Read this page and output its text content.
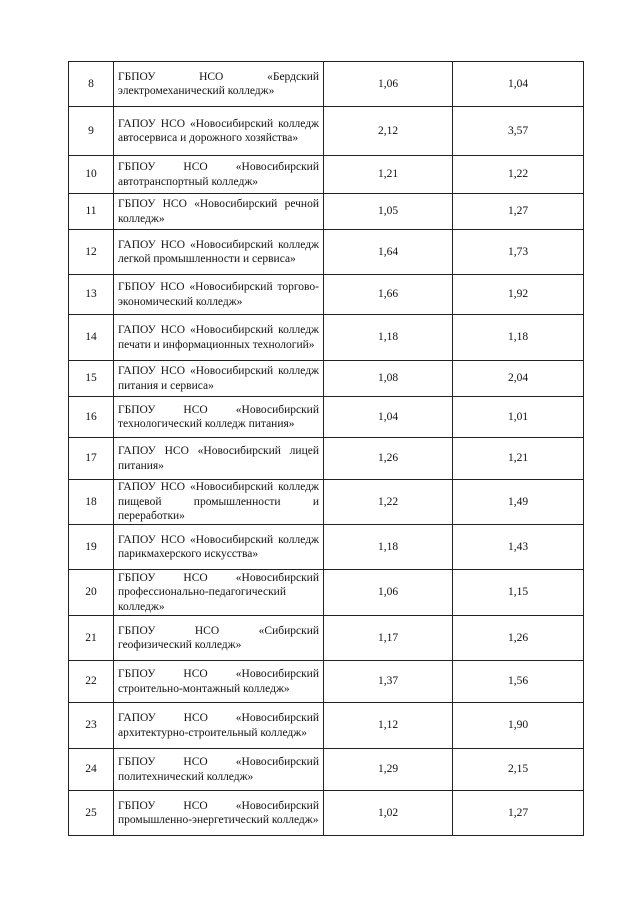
8	ГБПОУ НСО «Бердский электромеханический колледж»	1,06	1,04
9	ГАПОУ НСО «Новосибирский колледж автосервиса и дорожного хозяйства»	2,12	3,57
10	ГБПОУ НСО «Новосибирский автотранспортный колледж»	1,21	1,22
11	ГБПОУ НСО «Новосибирский речной колледж»	1,05	1,27
12	ГАПОУ НСО «Новосибирский колледж легкой промышленности и сервиса»	1,64	1,73
13	ГБПОУ НСО «Новосибирский торгово-экономический колледж»	1,66	1,92
14	ГАПОУ НСО «Новосибирский колледж печати и информационных технологий»	1,18	1,18
15	ГАПОУ НСО «Новосибирский колледж питания и сервиса»	1,08	2,04
16	ГБПОУ НСО «Новосибирский технологический колледж питания»	1,04	1,01
17	ГАПОУ НСО «Новосибирский лицей питания»	1,26	1,21
18	ГАПОУ НСО «Новосибирский колледж пищевой промышленности и переработки»	1,22	1,49
19	ГАПОУ НСО «Новосибирский колледж парикмахерского искусства»	1,18	1,43
20	ГБПОУ НСО «Новосибирский профессионально-педагогический колледж»	1,06	1,15
21	ГБПОУ НСО «Сибирский геофизический колледж»	1,17	1,26
22	ГБПОУ НСО «Новосибирский строительно-монтажный колледж»	1,37	1,56
23	ГАПОУ НСО «Новосибирский архитектурно-строительный колледж»	1,12	1,90
24	ГБПОУ НСО «Новосибирский политехнический колледж»	1,29	2,15
25	ГБПОУ НСО «Новосибирский промышленно-энергетический колледж»	1,02	1,27
